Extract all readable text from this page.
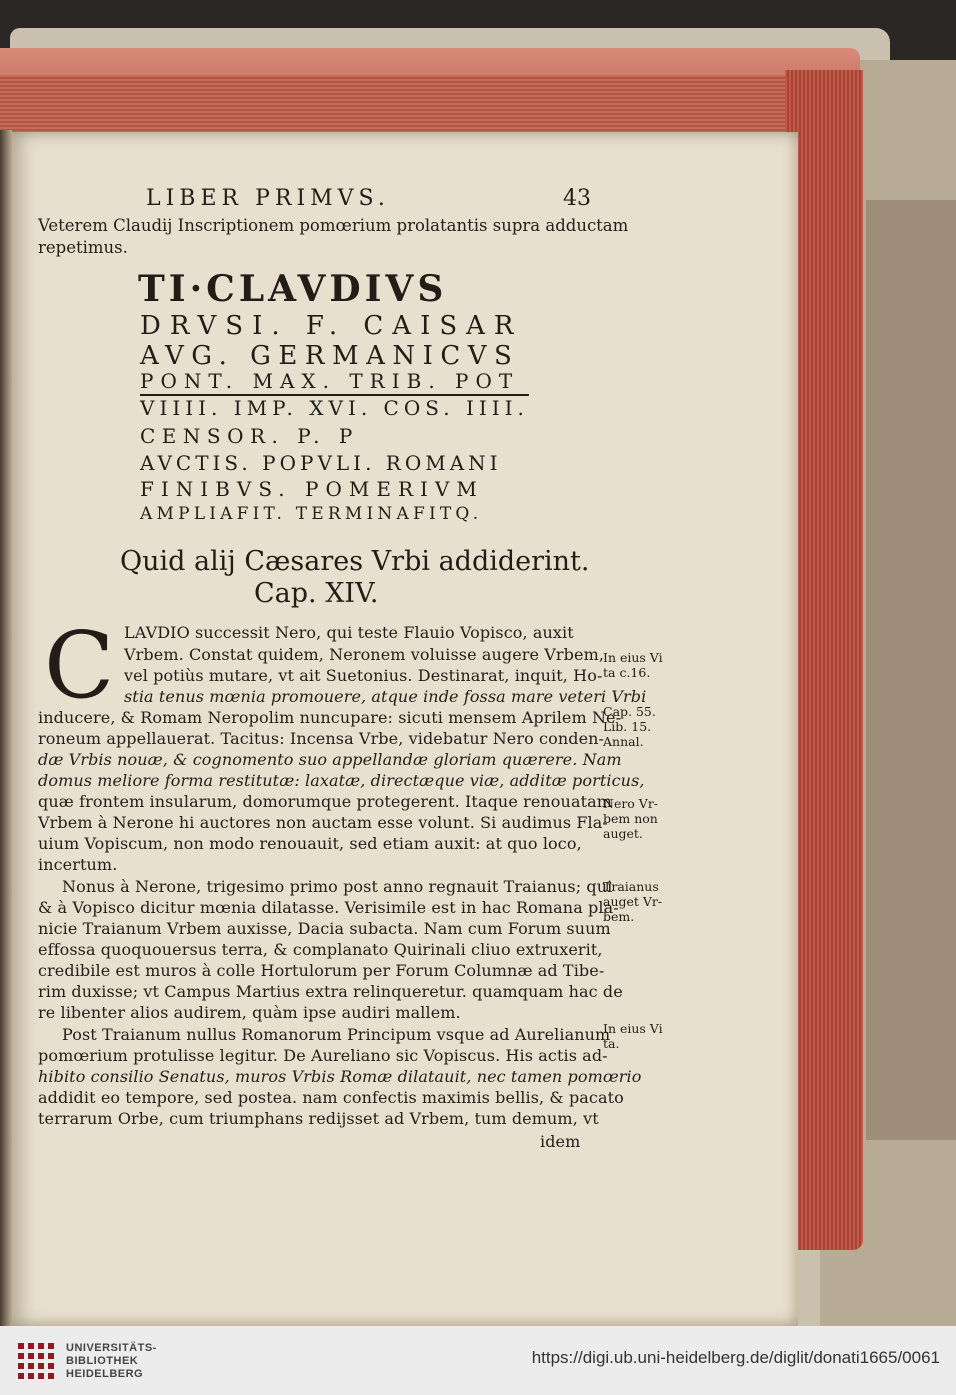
LIBER PRIMVS.	43
Veterem Claudij Inscriptionem pomœrium prolatantis supra adductam
repetimus.
TI·CLAVDIVS
DRVSI. F. CAISAR
AVG. GERMANICVS
PONT. MAX. TRIB. POT
VIIII. IMP. XVI. COS. IIII.
CENSOR. P. P
AVCTIS. POPVLI. ROMANI
FINIBVS. POMERIVM
AMPLIAFIT. TERMINAFITQ.
Quid alij Cæsares Vrbi addiderint.
Cap. XIV.
C LAVDIO successit Nero, qui teste Flauio Vopisco, auxit
Vrbem. Constat quidem, Neronem voluisse augere Vrbem,
vel potiùs mutare, vt ait Suetonius. Destinarat, inquit, Ho-
stia tenus mœnia promouere, atque inde fossa mare veteri Vrbi
inducere, & Romam Neropolim nuncupare: sicuti mensem Aprilem Ne-
roneum appellauerat. Tacitus: Incensa Vrbe, videbatur Nero conden-
dæ Vrbis nouæ, & cognomento suo appellandæ gloriam quærere. Nam
domus meliore forma restitutæ: laxatæ, directæque viæ, additæ porticus,
quæ frontem insularum, domorumque protegerent. Itaque renouatam
Vrbem à Nerone hi auctores non auctam esse volunt. Si audimus Fla-
uium Vopiscum, non modo renouauit, sed etiam auxit: at quo loco,
incertum.
Nonus à Nerone, trigesimo primo post anno regnauit Traianus; qui
& à Vopisco dicitur mœnia dilatasse. Verisimile est in hac Romana pla-
nicie Traianum Vrbem auxisse, Dacia subacta. Nam cum Forum suum
effossa quoquouersus terra, & complanato Quirinali cliuo extruxerit,
credibile est muros à colle Hortulorum per Forum Columnæ ad Tibe-
rim duxisse; vt Campus Martius extra relinqueretur. quamquam hac de
re libenter alios audirem, quàm ipse audiri mallem.
Post Traianum nullus Romanorum Principum vsque ad Aurelianum
pomœrium protulisse legitur. De Aureliano sic Vopiscus. His actis ad-
hibito consilio Senatus, muros Vrbis Romæ dilatauit, nec tamen pomœrio
addidit eo tempore, sed postea. nam confectis maximis bellis, & pacato
terrarum Orbe, cum triumphans redijsset ad Vrbem, tum demum, vt
idem
In eius Vi
ta c.16.
Cap. 55.
Lib. 15.
Annal.
Nero Vr-
bem non
auget.
Traianus
auget Vr-
bem.
In eius Vi
ta.
UNIVERSITÄTS-
BIBLIOTHEK
HEIDELBERG
https://digi.ub.uni-heidelberg.de/diglit/donati1665/0061
